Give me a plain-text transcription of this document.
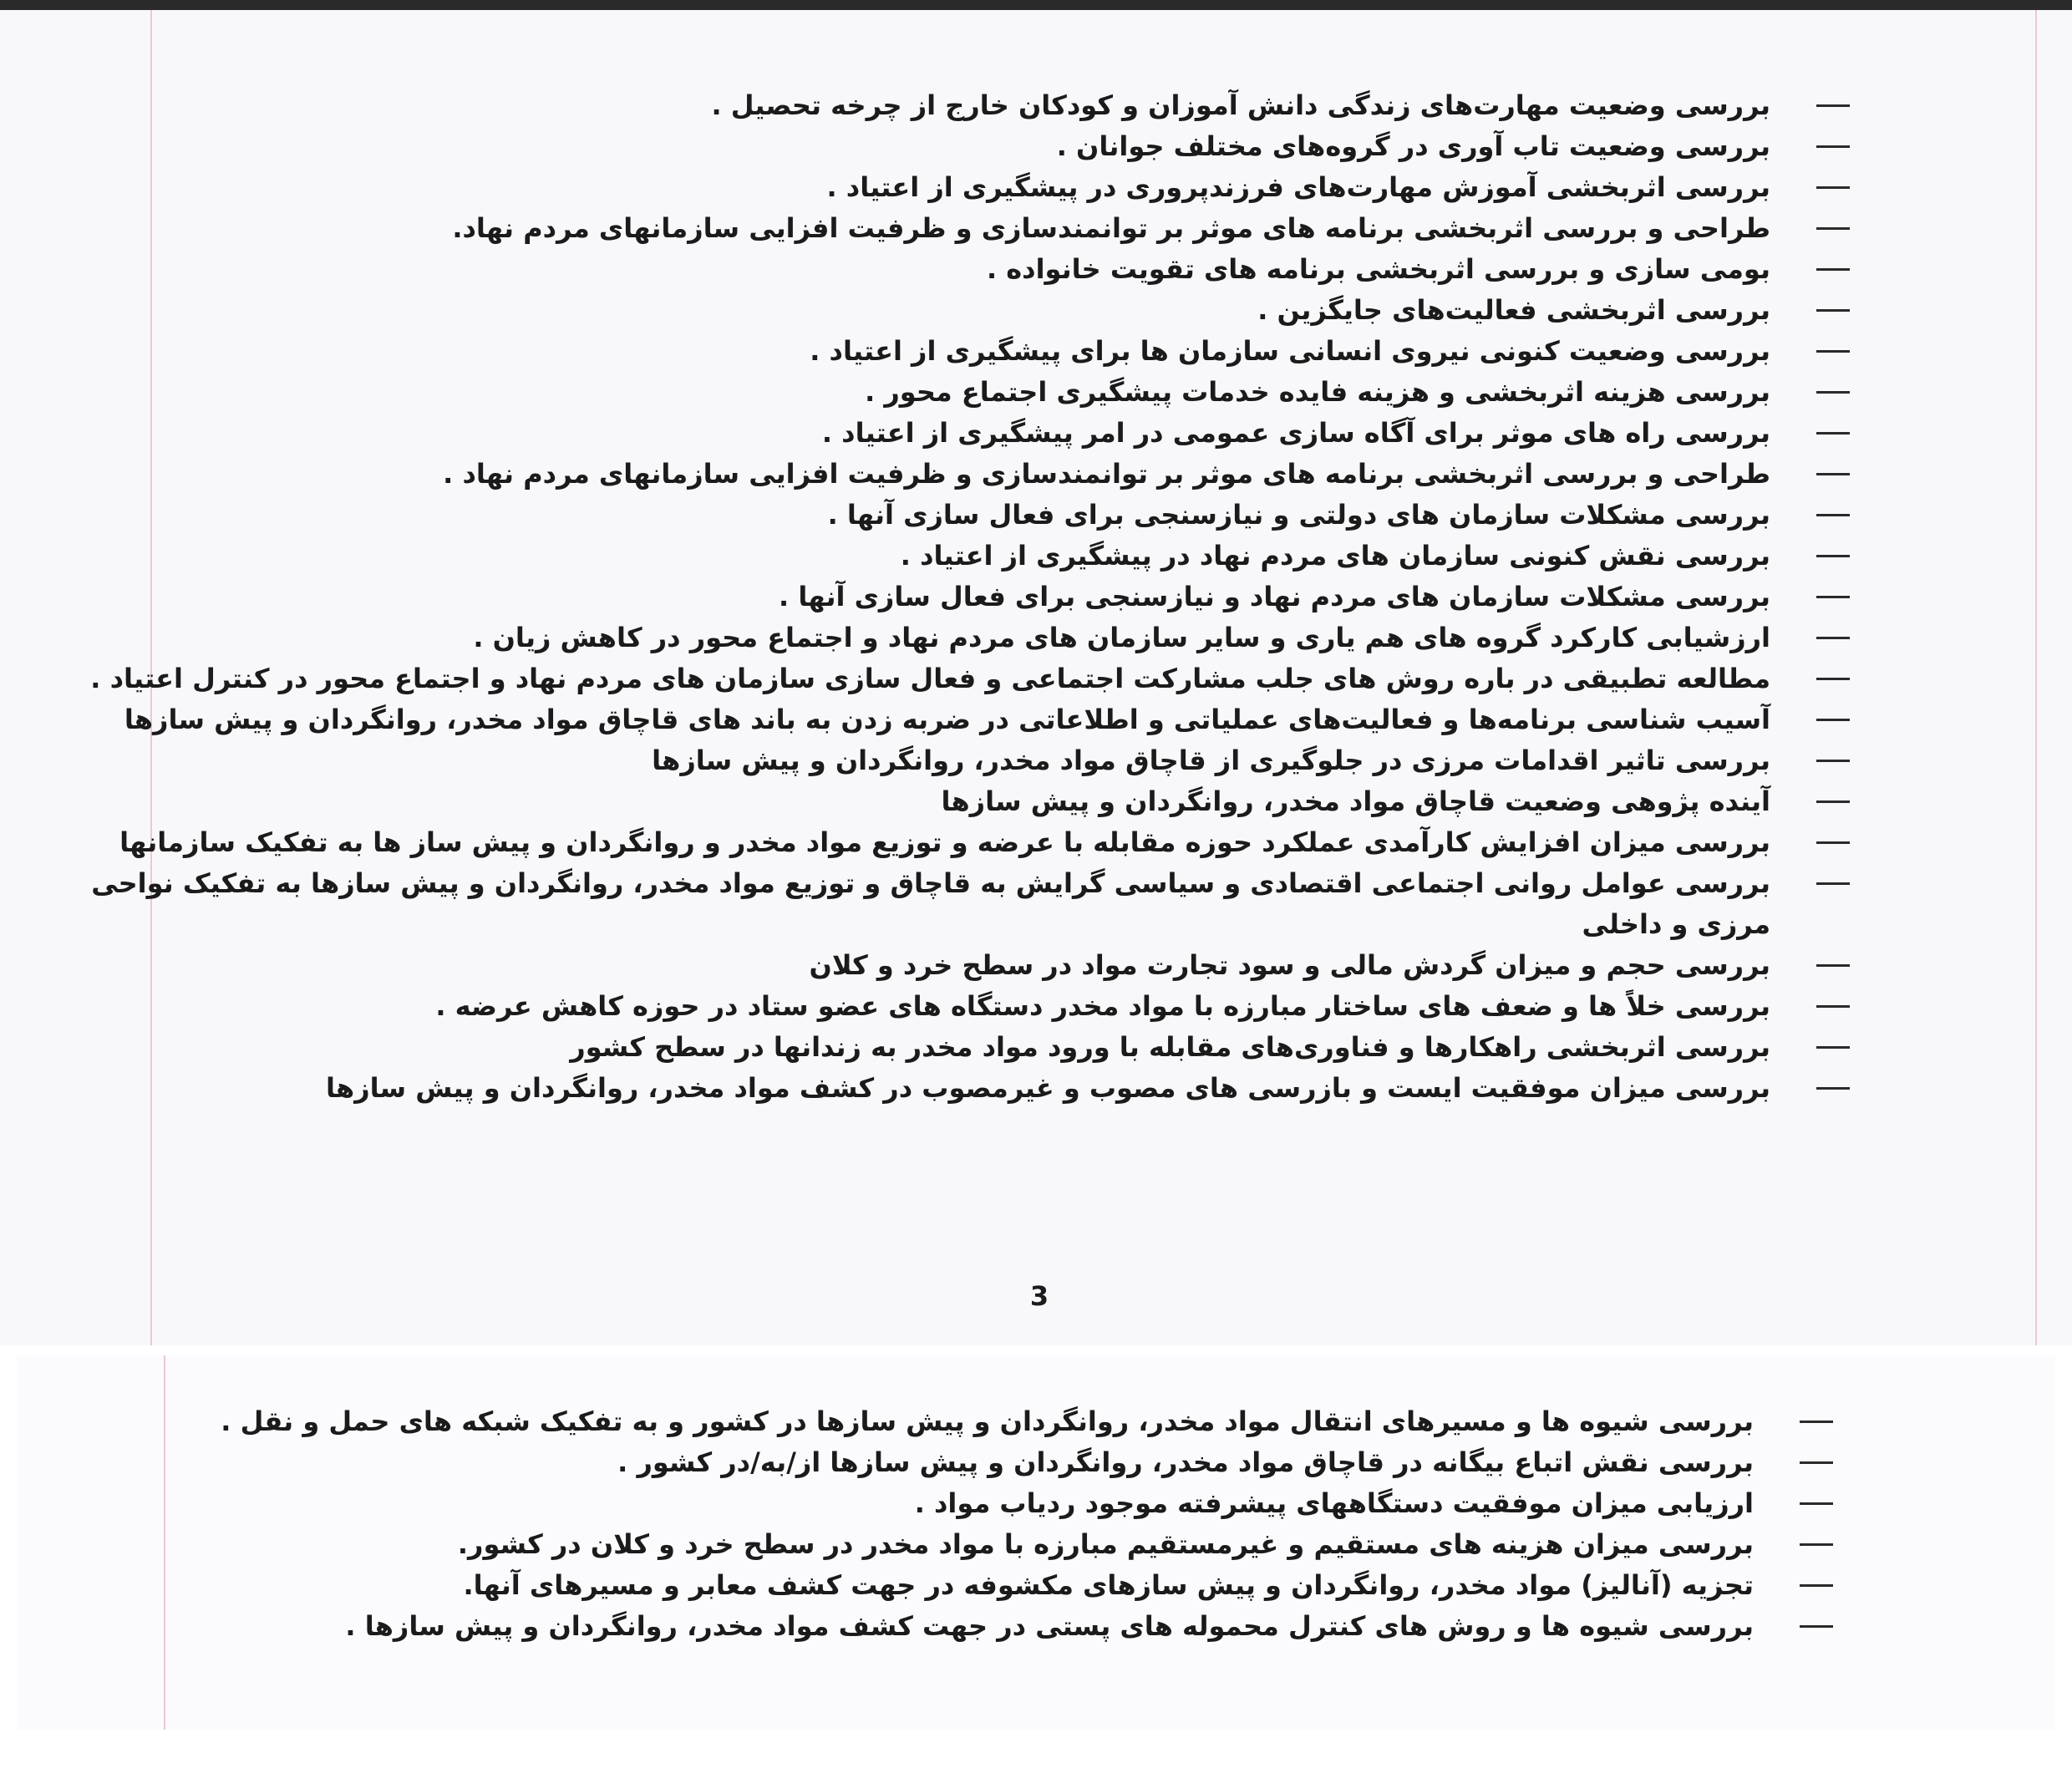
بررسی وضعیت مهارت‌های زندگی دانش آموزان و کودکان خارج از چرخه تحصیل .
بررسی وضعیت تاب آوری در گروه‌های مختلف جوانان .
بررسی اثربخشی آموزش مهارت‌های فرزندپروری در پیشگیری از اعتیاد .
طراحی و بررسی اثربخشی برنامه های موثر بر توانمندسازی و ظرفیت افزایی سازمانهای مردم نهاد.
بومی سازی و بررسی اثربخشی برنامه های تقویت خانواده .
بررسی اثربخشی فعالیت‌های جایگزین .
بررسی وضعیت کنونی نیروی انسانی سازمان ها برای پیشگیری از اعتیاد .
بررسی هزینه اثربخشی و هزینه فایده خدمات پیشگیری اجتماع محور .
بررسی راه های موثر برای آگاه سازی عمومی در امر پیشگیری از اعتیاد .
طراحی و بررسی اثربخشی برنامه های موثر بر توانمندسازی و ظرفیت افزایی سازمانهای مردم نهاد .
بررسی مشکلات سازمان های دولتی و نیازسنجی برای فعال سازی آنها .
بررسی نقش کنونی سازمان های مردم نهاد در پیشگیری از اعتیاد .
بررسی مشکلات سازمان های مردم نهاد و نیازسنجی برای فعال سازی آنها .
ارزشیابی کارکرد گروه های هم یاری و سایر سازمان های مردم نهاد و اجتماع محور در کاهش زیان .
مطالعه تطبیقی در باره روش های جلب مشارکت اجتماعی و فعال سازی سازمان های مردم نهاد و اجتماع محور در کنترل اعتیاد .
آسیب شناسی برنامه‌ها و فعالیت‌های عملیاتی و اطلاعاتی در ضربه زدن به باند های قاچاق مواد مخدر، روانگردان و پیش سازها
بررسی تاثیر اقدامات مرزی در جلوگیری از قاچاق مواد مخدر، روانگردان و پیش سازها
آینده پژوهی وضعیت قاچاق مواد مخدر، روانگردان و پیش سازها
بررسی میزان افزایش کارآمدی عملکرد حوزه مقابله با عرضه و توزیع مواد مخدر و روانگردان و پیش ساز ها به تفکیک سازمانها
بررسی عوامل روانی اجتماعی اقتصادی و سیاسی گرایش به قاچاق و توزیع مواد مخدر، روانگردان و پیش سازها به تفکیک نواحی مرزی و داخلی
بررسی حجم و میزان گردش مالی و سود تجارت مواد در سطح خرد و کلان
بررسی خلاً ها و ضعف های ساختار مبارزه با مواد مخدر دستگاه های عضو ستاد در حوزه کاهش عرضه .
بررسی اثربخشی راهکارها و فناوری‌های مقابله با ورود مواد مخدر به زندانها در سطح کشور
بررسی میزان موفقیت ایست و بازرسی های مصوب و غیرمصوب در کشف مواد مخدر، روانگردان و پیش سازها
3
بررسی شیوه ها و مسیرهای انتقال مواد مخدر، روانگردان و پیش سازها در کشور و به تفکیک شبکه های حمل و نقل .
بررسی نقش اتباع بیگانه در قاچاق مواد مخدر، روانگردان و پیش سازها از/به/در کشور .
ارزیابی میزان موفقیت دستگاههای پیشرفته موجود ردیاب مواد .
بررسی میزان هزینه های مستقیم و غیرمستقیم مبارزه با مواد مخدر در سطح خرد و کلان در کشور.
تجزیه (آنالیز) مواد مخدر، روانگردان و پیش سازهای مکشوفه در جهت کشف معابر و مسیرهای آنها.
بررسی شیوه ها و روش های کنترل محموله های پستی در جهت کشف مواد مخدر، روانگردان و پیش سازها .
